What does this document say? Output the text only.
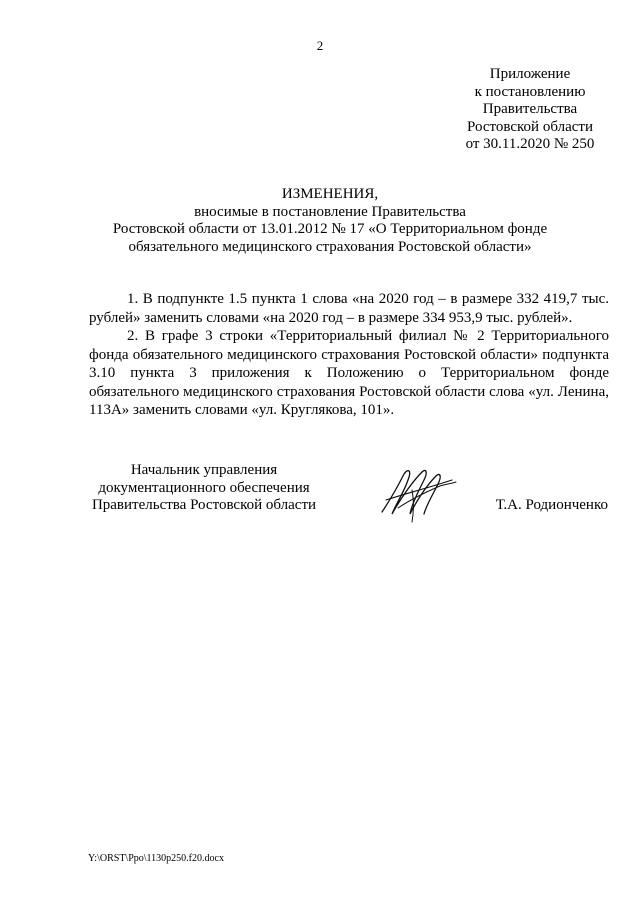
2
Приложение
к постановлению
Правительства
Ростовской области
от 30.11.2020 № 250
ИЗМЕНЕНИЯ,
вносимые в постановление Правительства
Ростовской области от 13.01.2012 № 17 «О Территориальном фонде
обязательного медицинского страхования Ростовской области»

1. В подпункте 1.5 пункта 1 слова «на 2020 год – в размере 332 419,7 тыс. рублей» заменить словами «на 2020 год – в размере 334 953,9 тыс. рублей».

2. В графе 3 строки «Территориальный филиал № 2 Территориального фонда обязательного медицинского страхования Ростовской области» подпункта 3.10 пункта 3 приложения к Положению о Территориальном фонде обязательного медицинского страхования Ростовской области слова «ул. Ленина, 113А» заменить словами «ул. Круглякова, 101».

Начальник управления
документационного обеспечения
Правительства Ростовской области	Т.А. Родионченко
Y:\ORST\Ppo\1130p250.f20.docx
